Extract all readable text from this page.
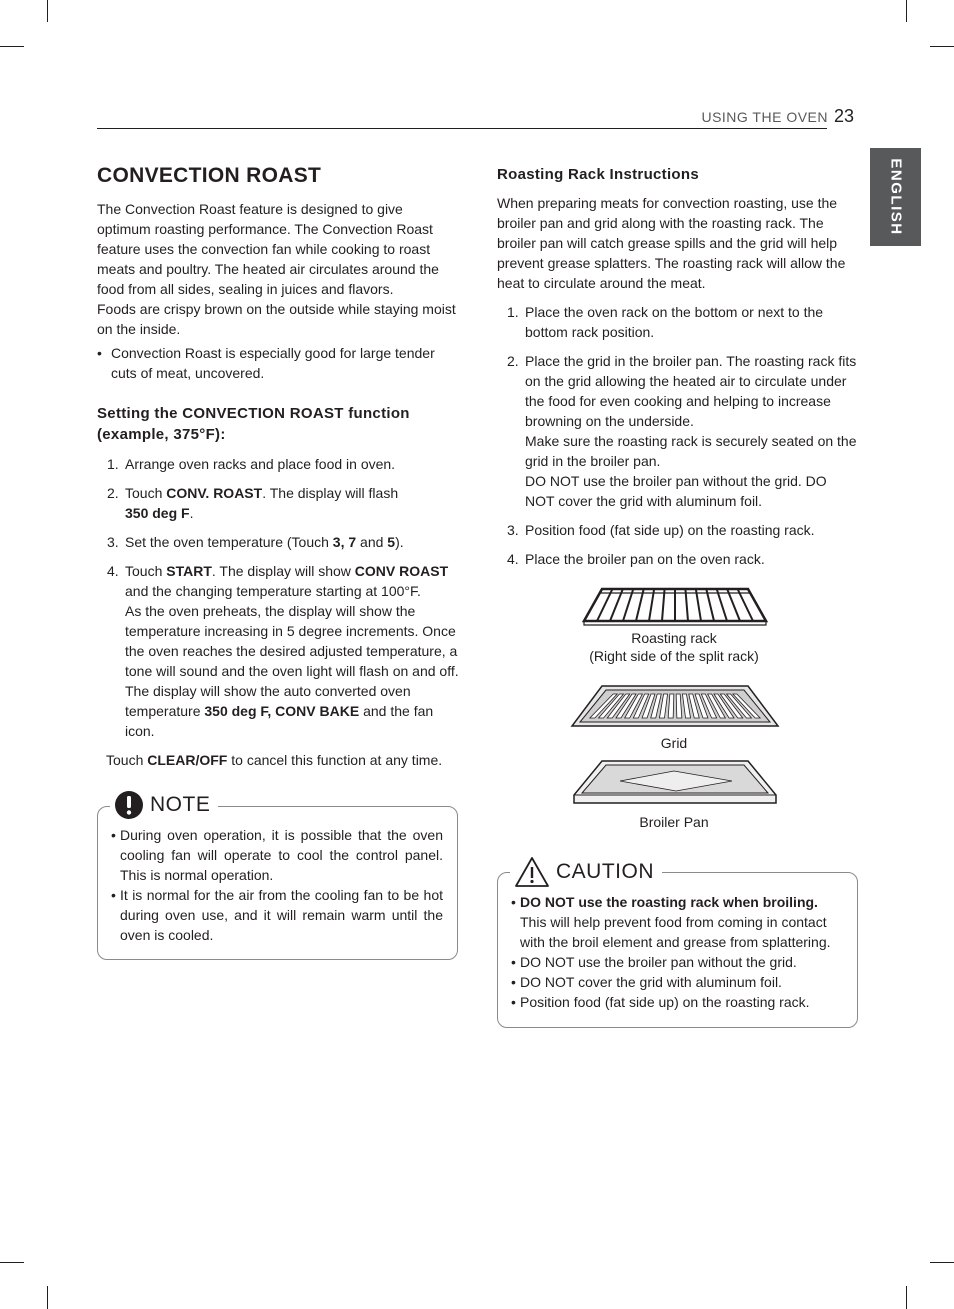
USING THE OVEN 23
ENGLISH
CONVECTION ROAST

The Convection Roast feature is designed to give optimum roasting performance. The Convection Roast feature uses the convection fan while cooking to roast meats and poultry. The heated air circulates around the food from all sides, sealing in juices and flavors.

Foods are crispy brown on the outside while staying moist on the inside.

• Convection Roast is especially good for large tender cuts of meat, uncovered.
Setting the CONVECTION ROAST function (example, 375°F):
1. Arrange oven racks and place food in oven.
2. Touch CONV. ROAST. The display will flash
350 deg F.
3. Set the oven temperature (Touch 3, 7 and 5).
4. Touch START. The display will show CONV ROAST and the changing temperature starting at 100°F.
As the oven preheats, the display will show the temperature increasing in 5 degree increments. Once the oven reaches the desired adjusted temperature, a tone will sound and the oven light will flash on and off. The display will show the auto converted oven temperature 350 deg F, CONV BAKE and the fan icon.

Touch CLEAR/OFF to cancel this function at any time.

• During oven operation, it is possible that the oven cooling fan will operate to cool the control panel. This is normal operation.
• It is normal for the air from the cooling fan to be hot during oven use, and it will remain warm until the oven is cooled.
NOTE
Roasting Rack Instructions

When preparing meats for convection roasting, use the broiler pan and grid along with the roasting rack. The broiler pan will catch grease spills and the grid will help prevent grease splatters. The roasting rack will allow the heat to circulate around the meat.

1. Place the oven rack on the bottom or next to the bottom rack position.
2. Place the grid in the broiler pan. The roasting rack fits on the grid allowing the heated air to circulate under the food for even cooking and helping to increase browning on the underside.
Make sure the roasting rack is securely seated on the grid in the broiler pan.
DO NOT use the broiler pan without the grid. DO NOT cover the grid with aluminum foil.
3. Position food (fat side up) on the roasting rack.
4. Place the broiler pan on the oven rack.
Roasting rack
(Right side of the split rack)
Grid
Broiler Pan
• DO NOT use the roasting rack when broiling.
This will help prevent food from coming in contact with the broil element and grease from splattering.
• DO NOT use the broiler pan without the grid.
• DO NOT cover the grid with aluminum foil.
• Position food (fat side up) on the roasting rack.
CAUTION
